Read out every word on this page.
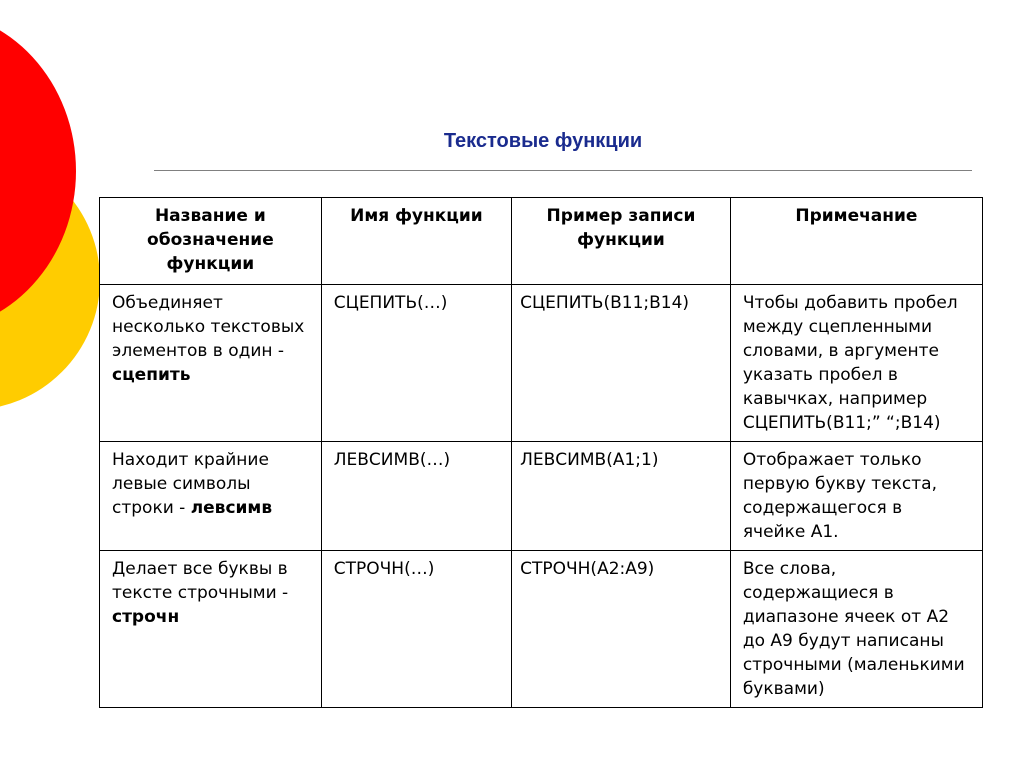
Текстовые функции
Название и обозначение функции	Имя функции	Пример записи функции	Примечание
Объединяет несколько текстовых элементов в один - сцепить	СЦЕПИТЬ(…)	СЦЕПИТЬ(B11;B14)	Чтобы добавить пробел между сцепленными словами, в аргументе указать пробел в кавычках, например СЦЕПИТЬ(B11;” “;B14)
Находит крайние левые символы строки - левсимв	ЛЕВСИМВ(…)	ЛЕВСИМВ(A1;1)	Отображает только первую букву текста, содержащегося в ячейке А1.
Делает все буквы в тексте строчными - строчн	СТРОЧН(…)	СТРОЧН(A2:A9)	Все слова, содержащиеся в диапазоне ячеек от А2 до А9 будут написаны строчными (маленькими буквами)
